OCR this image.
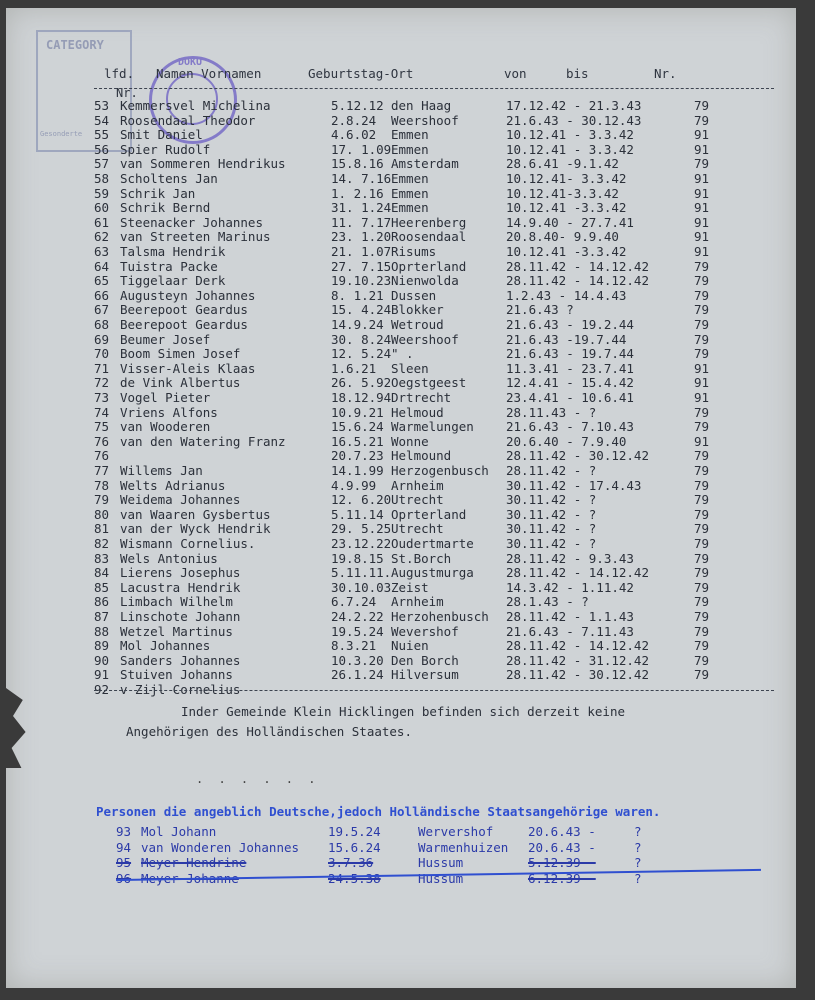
CATEGORY
Gesonderte
DOKU
lfd. Namen Vornamen	Geburtstag-Ort	von	bis	Nr.
Nr.
53 Kemmersvel Michelina	5.12.12 den Haag	17.12.42 - 21.3.43	79
54 Roosendaal Theodor	2.8.24 Weershoof	21.6.43 - 30.12.43	79
55 Smit Daniel	4.6.02 Emmen	10.12.41 - 3.3.42	91
56 Spier Rudolf	17. 1.09 Emmen	10.12.41 - 3.3.42	91
57 van Sommeren Hendrikus	15.8.16 Amsterdam	28.6.41 -9.1.42	79
58 Scholtens Jan	14. 7.16 Emmen	10.12.41- 3.3.42	91
59 Schrik Jan	1. 2.16 Emmen	10.12.41-3.3.42	91
60 Schrik Bernd	31. 1.24 Emmen	10.12.41 -3.3.42	91
61 Steenacker Johannes	11. 7.17 Heerenberg	14.9.40 - 27.7.41	91
62 van Streeten Marinus	23. 1.20 Roosendaal	20.8.40- 9.9.40	91
63 Talsma Hendrik	21. 1.07 Risums	10.12.41 -3.3.42	91
64 Tuistra Packe	27. 7.15 Oprterland	28.11.42 - 14.12.42	79
65 Tiggelaar Derk	19.10.23 Nienwolda	28.11.42 - 14.12.42	79
66 Augusteyn Johannes	8. 1.21 Dussen	1.2.43 - 14.4.43	79
67 Beerepoot Geardus	15. 4.24 Blokker	21.6.43 ?	79
68 Beerepoot Geardus	14.9.24 Wetroud	21.6.43 - 19.2.44	79
69 Beumer Josef	30. 8.24 Weershoof	21.6.43 -19.7.44	79
70 Boom Simen Josef	12. 5.24 " .	21.6.43 - 19.7.44	79
71 Visser-Aleis Klaas	1.6.21 Sleen	11.3.41 - 23.7.41	91
72 de Vink Albertus	26. 5.92 Oegstgeest	12.4.41 - 15.4.42	91
73 Vogel Pieter	18.12.94 Drtrecht	23.4.41 - 10.6.41	91
74 Vriens Alfons	10.9.21 Helmoud	28.11.43 - ?	79
75 van Wooderen	15.6.24 Warmelungen	21.6.43 - 7.10.43	79
76 van den Watering Franz	16.5.21 Wonne	20.6.40 - 7.9.40	91
76	20.7.23 Helmound	28.11.42 - 30.12.42	79
77 Willems Jan	14.1.99 Herzogenbusch 28.11.42 - ?	79
78 Welts Adrianus	4.9.99 Arnheim	30.11.42 - 17.4.43	79
79 Weidema Johannes	12. 6.20 Utrecht	30.11.42 - ?	79
80 van Waaren Gysbertus	5.11.14 Oprterland	30.11.42 - ?	79
81 van der Wyck Hendrik	29. 5.25 Utrecht	30.11.42 - ?	79
82 Wismann Cornelius.	23.12.22 Oudertmarte	30.11.42 - ?	79
83 Wels Antonius	19.8.15 St.Borch	28.11.42 - 9.3.43	79
84 Lierens Josephus	5.11.11. Augustmurga	28.11.42 - 14.12.42	79
85 Lacustra Hendrik	30.10.03 Zeist	14.3.42 - 1.11.42	79
86 Limbach Wilhelm	6.7.24 Arnheim	28.1.43 - ?	79
87 Linschote Johann	24.2.22 Herzohenbusch 28.11.42 - 1.1.43	79
88 Wetzel Martinus	19.5.24 Wevershof	21.6.43 - 7.11.43	79
89 Mol Johannes	8.3.21 Nuien	28.11.42 - 14.12.42	79
90 Sanders Johannes	10.3.20 Den Borch	28.11.42 - 31.12.42	79
91 Stuiven Johanns	26.1.24 Hilversum	28.11.42 - 30.12.42	79
92 v Zijl Cornelius
Inder Gemeinde Klein Hicklingen befinden sich derzeit keine
Angehörigen des Holländischen Staates.
. . . . . .
Personen die angeblich Deutsche,jedoch Holländische Staatsangehörige waren.
93 Mol Johann	19.5.24	Wervershof	20.6.43 -	?
94 van Wonderen Johannes 15.6.24	Warmenhuizen 20.6.43 -	?
95 Meyer Hendrine	3.7.36	Hussum	5.12.39 -	?
96 Meyer Johanne	24.5.38	Hussum	6.12.39 -	?
